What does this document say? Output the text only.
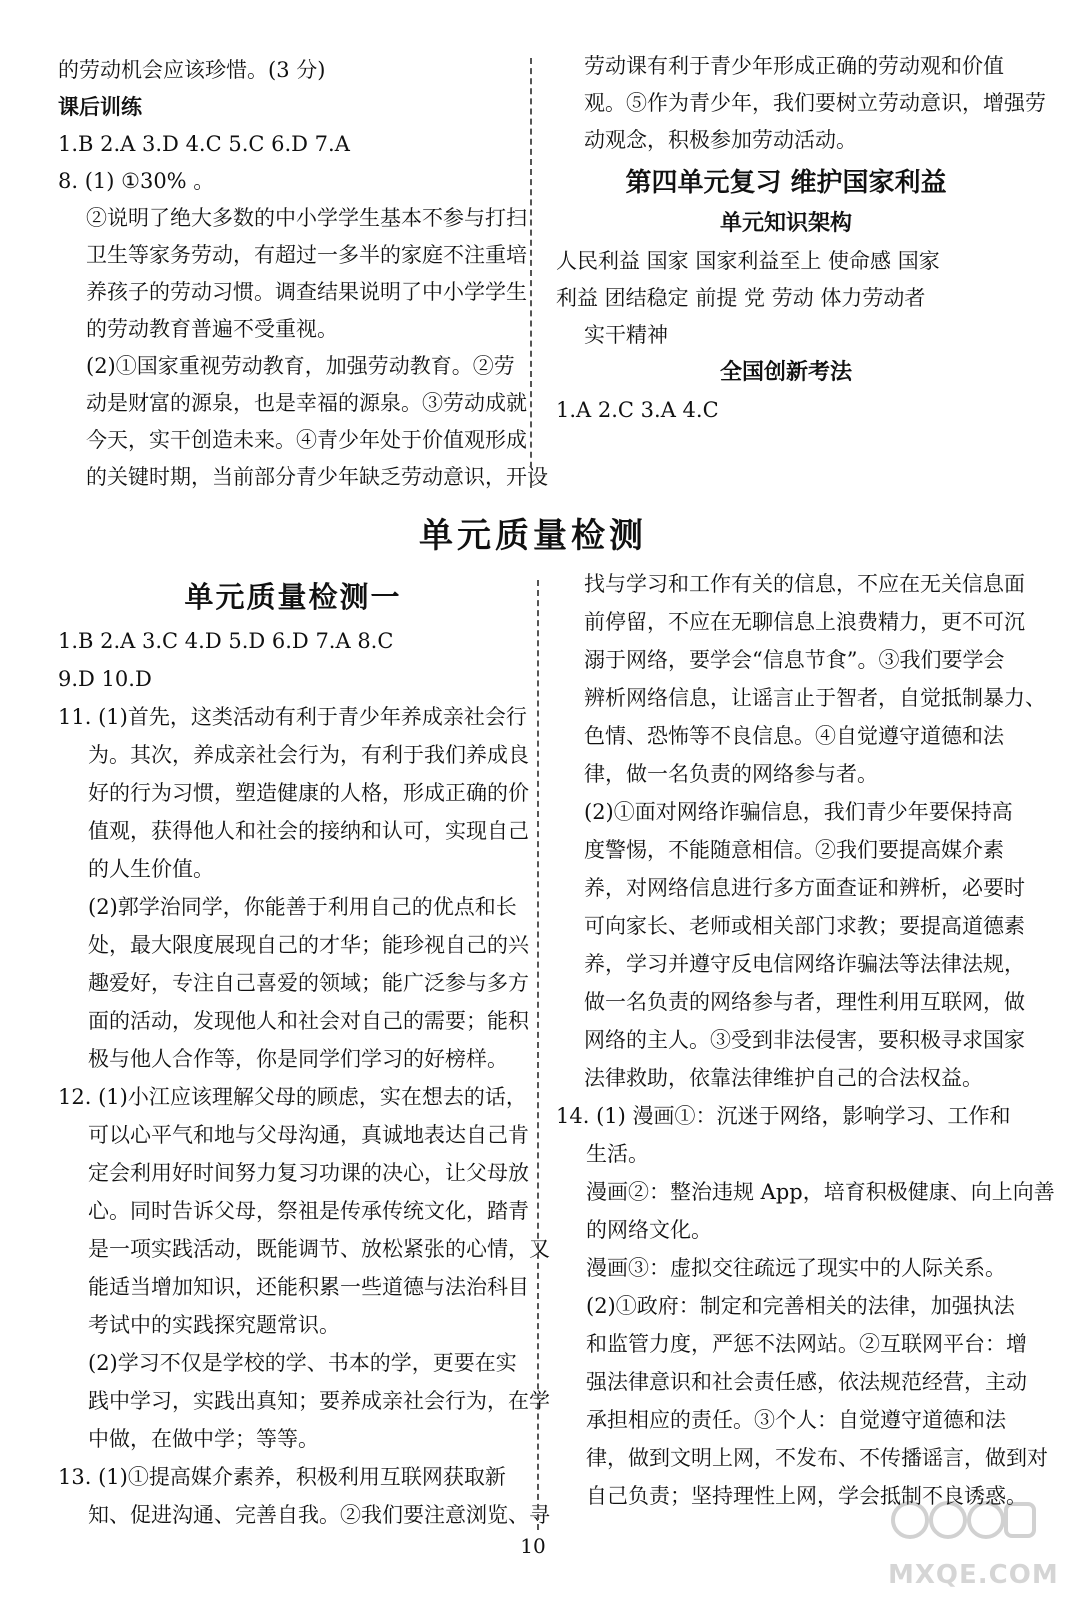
的劳动机会应该珍惜。(3 分)
课后训练
1.B 2.A 3.D 4.C 5.C 6.D 7.A
8. (1) ①30% 。
②说明了绝大多数的中小学学生基本不参与打扫
卫生等家务劳动，有超过一多半的家庭不注重培
养孩子的劳动习惯。调查结果说明了中小学学生
的劳动教育普遍不受重视。
(2)①国家重视劳动教育，加强劳动教育。②劳
动是财富的源泉，也是幸福的源泉。③劳动成就
今天，实干创造未来。④青少年处于价值观形成
的关键时期，当前部分青少年缺乏劳动意识，开设
劳动课有利于青少年形成正确的劳动观和价值
观。⑤作为青少年，我们要树立劳动意识，增强劳
动观念，积极参加劳动活动。
第四单元复习 维护国家利益
单元知识架构
人民利益 国家 国家利益至上 使命感 国家
利益 团结稳定 前提 党 劳动 体力劳动者
实干精神
全国创新考法
1.A 2.C 3.A 4.C
单元质量检测
单元质量检测一
1.B 2.A 3.C 4.D 5.D 6.D 7.A 8.C
9.D 10.D
11. (1)首先，这类活动有利于青少年养成亲社会行
为。其次，养成亲社会行为，有利于我们养成良
好的行为习惯，塑造健康的人格，形成正确的价
值观，获得他人和社会的接纳和认可，实现自己
的人生价值。
(2)郭学治同学，你能善于利用自己的优点和长
处，最大限度展现自己的才华；能珍视自己的兴
趣爱好，专注自己喜爱的领域；能广泛参与多方
面的活动，发现他人和社会对自己的需要；能积
极与他人合作等，你是同学们学习的好榜样。
12. (1)小江应该理解父母的顾虑，实在想去的话，
可以心平气和地与父母沟通，真诚地表达自己肯
定会利用好时间努力复习功课的决心，让父母放
心。同时告诉父母，祭祖是传承传统文化，踏青
是一项实践活动，既能调节、放松紧张的心情，又
能适当增加知识，还能积累一些道德与法治科目
考试中的实践探究题常识。
(2)学习不仅是学校的学、书本的学，更要在实
践中学习，实践出真知；要养成亲社会行为，在学
中做，在做中学；等等。
13. (1)①提高媒介素养，积极利用互联网获取新
知、促进沟通、完善自我。②我们要注意浏览、寻
找与学习和工作有关的信息，不应在无关信息面
前停留，不应在无聊信息上浪费精力，更不可沉
溺于网络，要学会“信息节食”。③我们要学会
辨析网络信息，让谣言止于智者，自觉抵制暴力、
色情、恐怖等不良信息。④自觉遵守道德和法
律，做一名负责的网络参与者。
(2)①面对网络诈骗信息，我们青少年要保持高
度警惕，不能随意相信。②我们要提高媒介素
养，对网络信息进行多方面查证和辨析，必要时
可向家长、老师或相关部门求教；要提高道德素
养，学习并遵守反电信网络诈骗法等法律法规，
做一名负责的网络参与者，理性利用互联网，做
网络的主人。③受到非法侵害，要积极寻求国家
法律救助，依靠法律维护自己的合法权益。
14. (1) 漫画①：沉迷于网络，影响学习、工作和
生活。
漫画②：整治违规 App，培育积极健康、向上向善
的网络文化。
漫画③：虚拟交往疏远了现实中的人际关系。
(2)①政府：制定和完善相关的法律，加强执法
和监管力度，严惩不法网站。②互联网平台：增
强法律意识和社会责任感，依法规范经营，主动
承担相应的责任。③个人：自觉遵守道德和法
律，做到文明上网，不发布、不传播谣言，做到对
自己负责；坚持理性上网，学会抵制不良诱惑。
10
MXQE.COM
